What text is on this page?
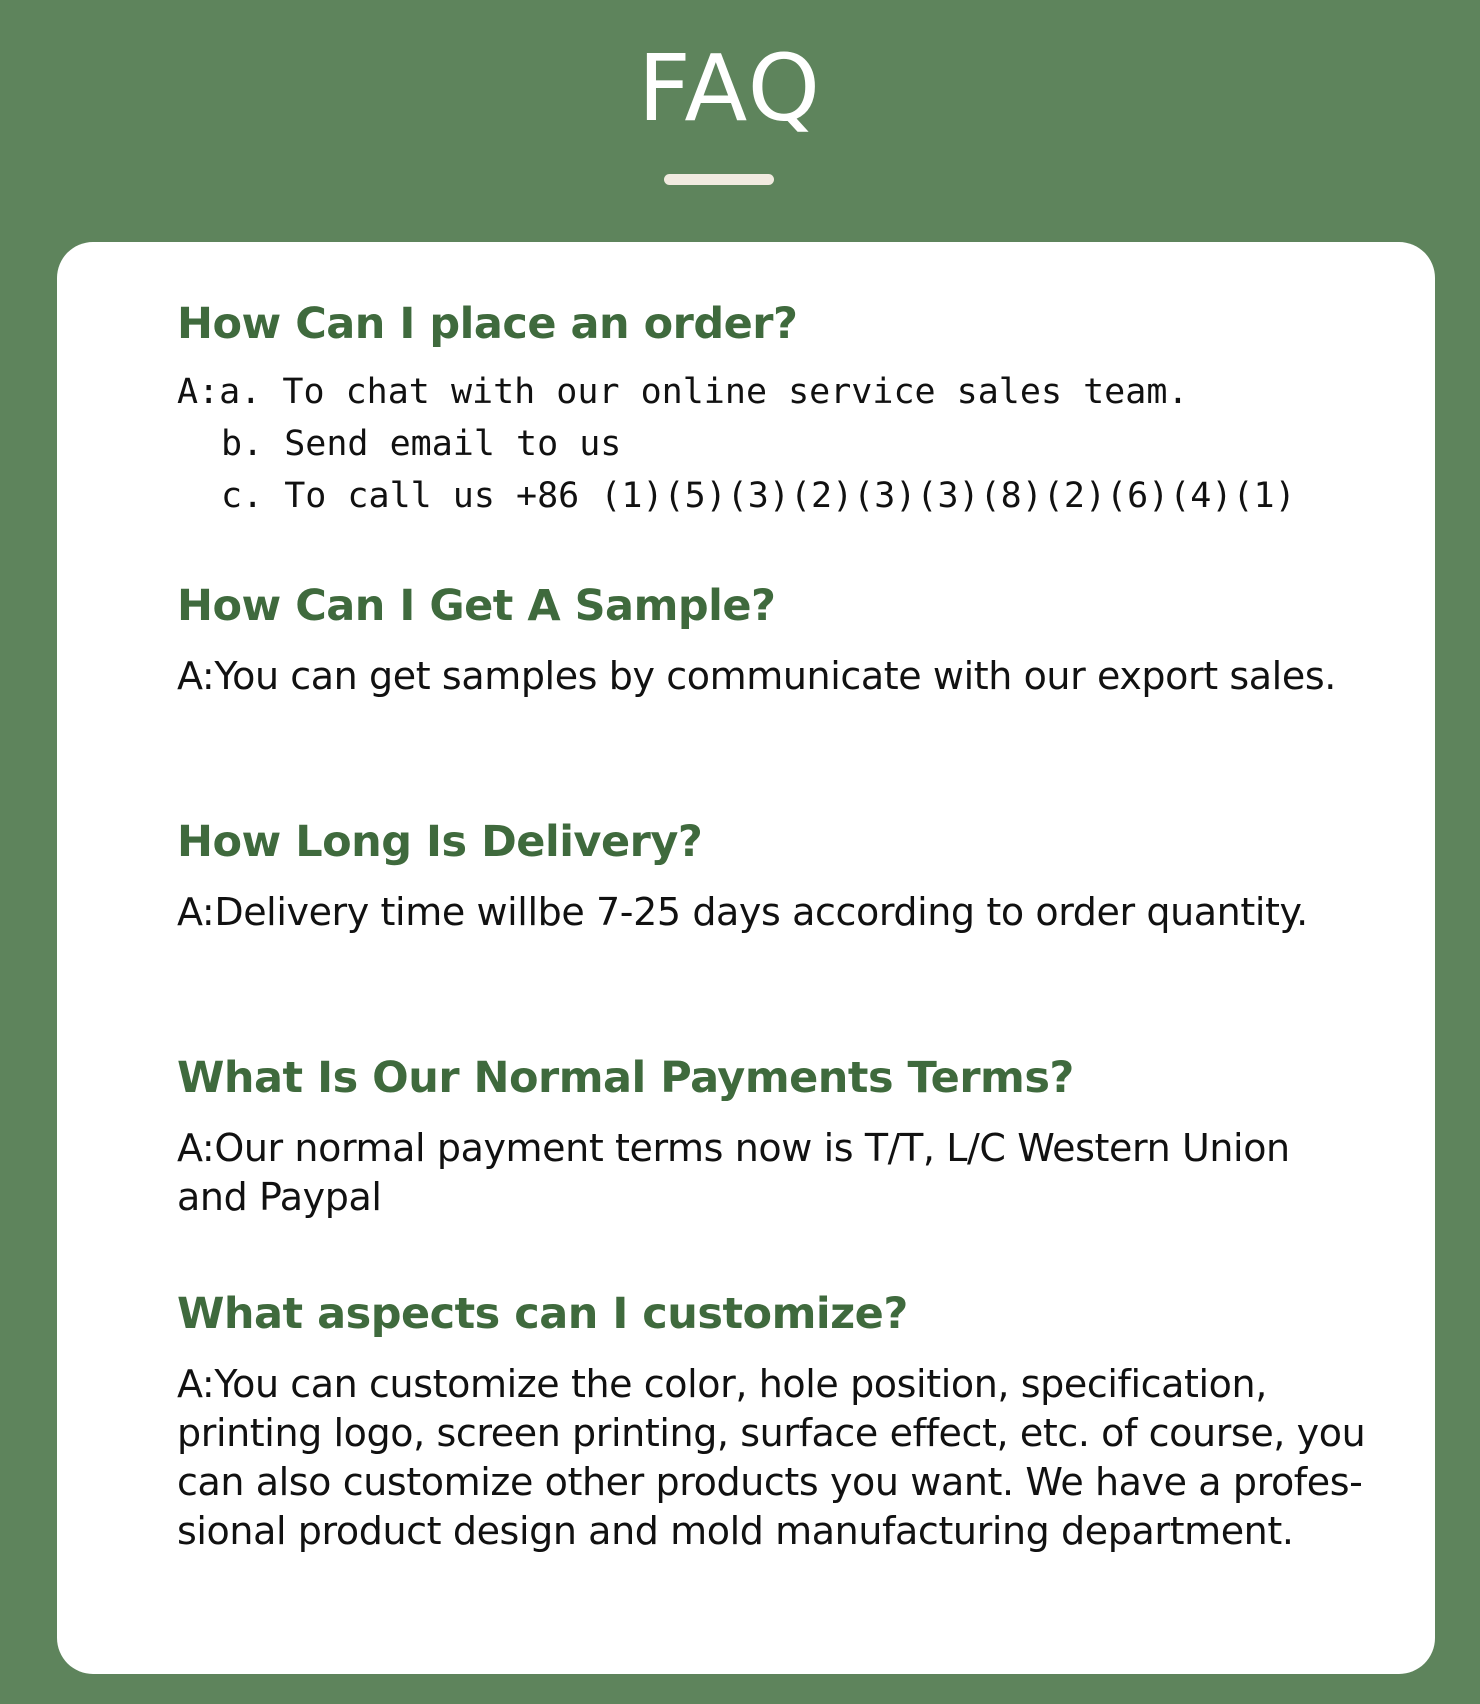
FAQ
How Can I place an order?
A:a. To chat with our online service sales team.
b. Send email to us
c. To call us +86 (1)(5)(3)(2)(3)(3)(8)(2)(6)(4)(1)
How Can I Get A Sample?

A:You can get samples by communicate with our export sales.

How Long Is Delivery?

A:Delivery time willbe 7-25 days according to order quantity.

What Is Our Normal Payments Terms?

A:Our normal payment terms now is T/T, L/C Western Union and Paypal

What aspects can I customize?

A:You can customize the color, hole position, specification, printing logo, screen printing, surface effect, etc. of course, you can also customize other products you want. We have a profes-sional product design and mold manufacturing department.
